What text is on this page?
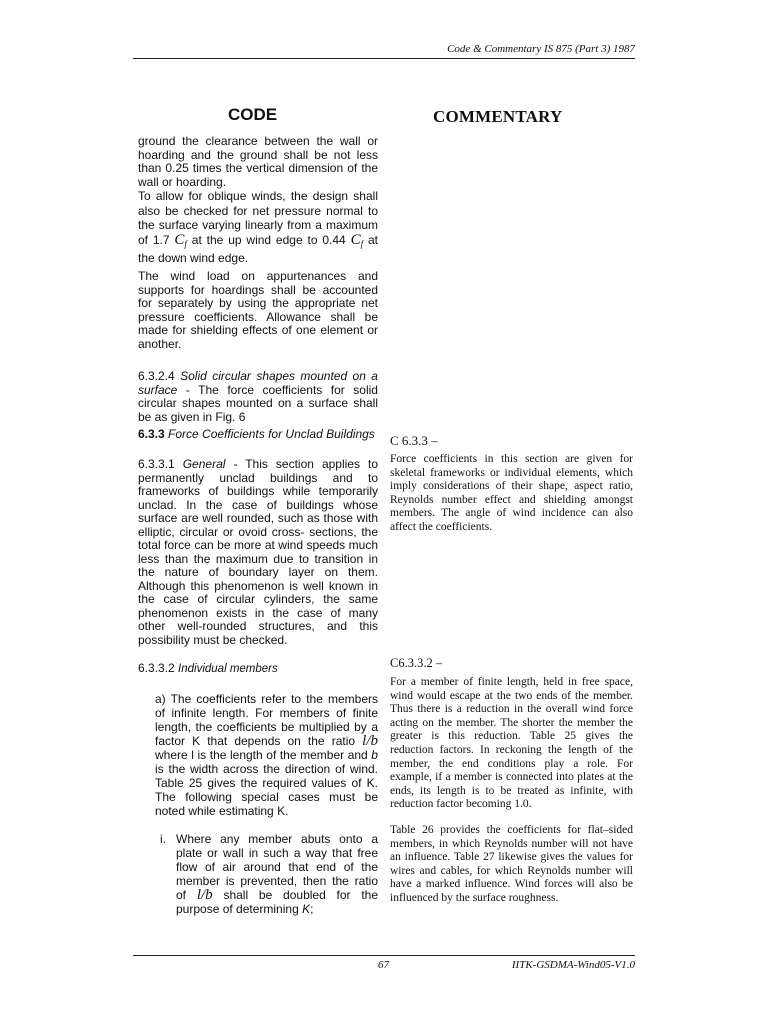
Code & Commentary IS 875 (Part 3) 1987
CODE	COMMENTARY

ground the clearance between the wall or hoarding and the ground shall be not less than 0.25 times the vertical dimension of the wall or hoarding.

To allow for oblique winds, the design shall also be checked for net pressure normal to the surface varying linearly from a maximum of 1.7 $C_f$ at the up wind edge to 0.44 $C_f$ at the down wind edge.

The wind load on appurtenances and supports for hoardings shall be accounted for separately by using the appropriate net pressure coefficients. Allowance shall be made for shielding effects of one element or another.

6.3.2.4 Solid circular shapes mounted on a surface - The force coefficients for solid circular shapes mounted on a surface shall be as given in Fig. 6

6.3.3 Force Coefficients for Unclad Buildings

6.3.3.1 General - This section applies to permanently unclad buildings and to frameworks of buildings while temporarily unclad. In the case of buildings whose surface are well rounded, such as those with elliptic, circular or ovoid cross- sections, the total force can be more at wind speeds much less than the maximum due to transition in the nature of boundary layer on them. Although this phenomenon is well known in the case of circular cylinders, the same phenomenon exists in the case of many other well-rounded structures, and this possibility must be checked.

6.3.3.2 Individual members

a) The coefficients refer to the members of infinite length. For members of finite length, the coefficients be multiplied by a factor K that depends on the ratio l/b where l is the length of the member and b is the width across the direction of wind. Table 25 gives the required values of K. The following special cases must be noted while estimating K.

i. Where any member abuts onto a plate or wall in such a way that free flow of air around that end of the member is prevented, then the ratio of l/b shall be doubled for the purpose of determining K;

C 6.3.3 –

Force coefficients in this section are given for skeletal frameworks or individual elements, which imply considerations of their shape, aspect ratio, Reynolds number effect and shielding amongst members. The angle of wind incidence can also affect the coefficients.

C6.3.3.2 –

For a member of finite length, held in free space, wind would escape at the two ends of the member. Thus there is a reduction in the overall wind force acting on the member. The shorter the member the greater is this reduction. Table 25 gives the reduction factors. In reckoning the length of the member, the end conditions play a role. For example, if a member is connected into plates at the ends, its length is to be treated as infinite, with reduction factor becoming 1.0.

Table 26 provides the coefficients for flat–sided members, in which Reynolds number will not have an influence. Table 27 likewise gives the values for wires and cables, for which Reynolds number will have a marked influence. Wind forces will also be influenced by the surface roughness.

67	IITK-GSDMA-Wind05-V1.0
